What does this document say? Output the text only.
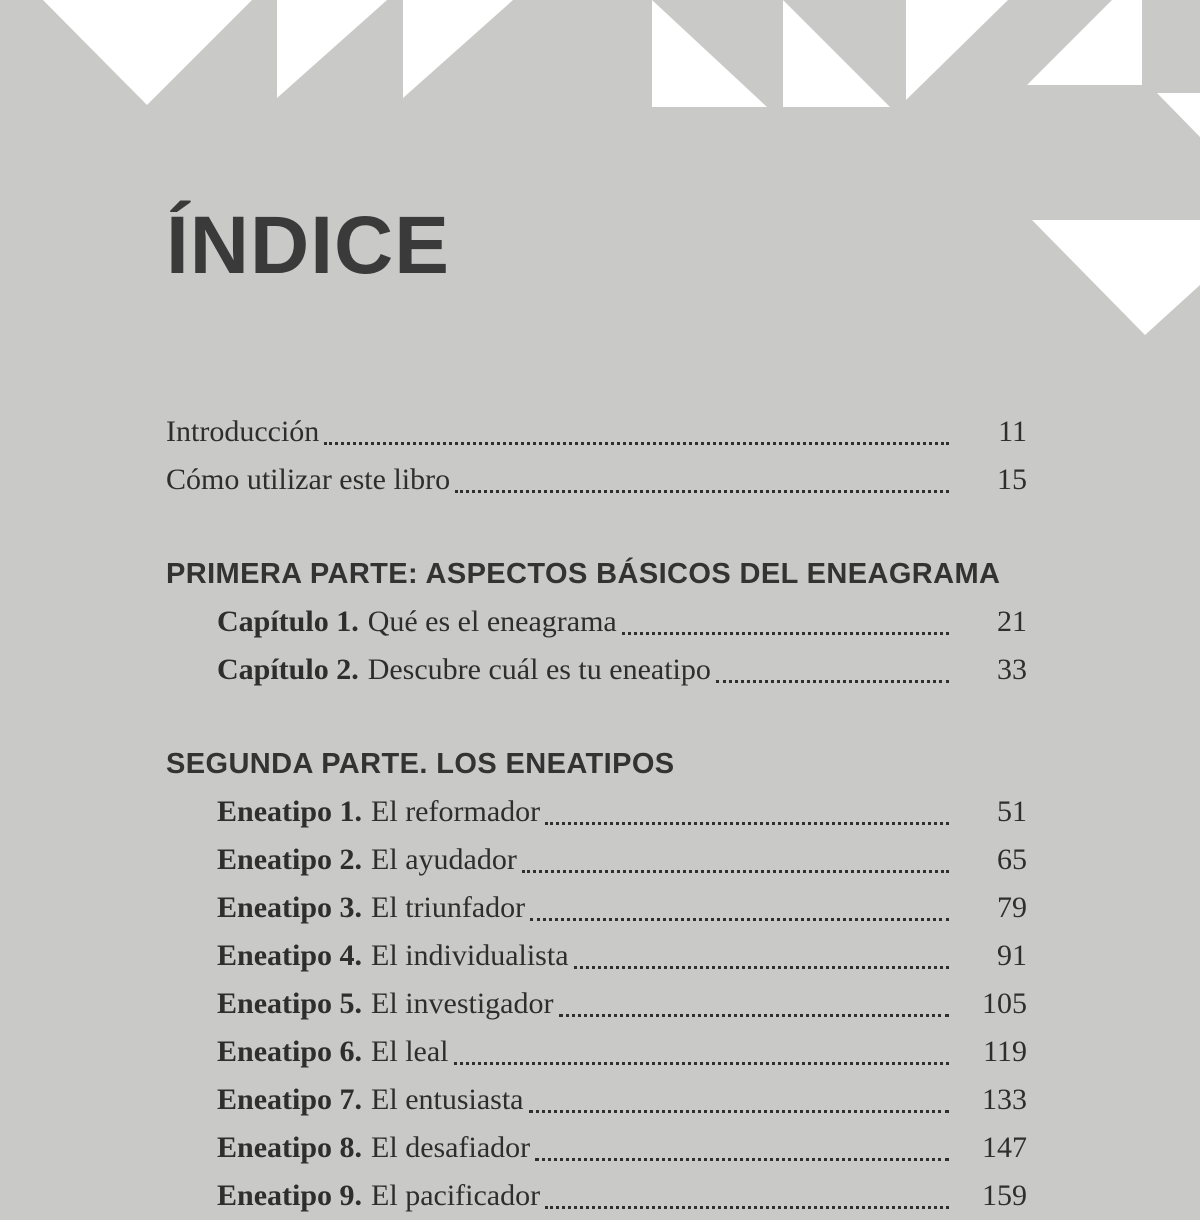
ÍNDICE
Introducción	11
Cómo utilizar este libro	15
PRIMERA PARTE: ASPECTOS BÁSICOS DEL ENEAGRAMA
Capítulo 1. Qué es el eneagrama	21
Capítulo 2. Descubre cuál es tu eneatipo	33
SEGUNDA PARTE. LOS ENEATIPOS
Eneatipo 1. El reformador	51
Eneatipo 2. El ayudador	65
Eneatipo 3. El triunfador	79
Eneatipo 4. El individualista	91
Eneatipo 5. El investigador	105
Eneatipo 6. El leal	119
Eneatipo 7. El entusiasta	133
Eneatipo 8. El desafiador	147
Eneatipo 9. El pacificador	159
